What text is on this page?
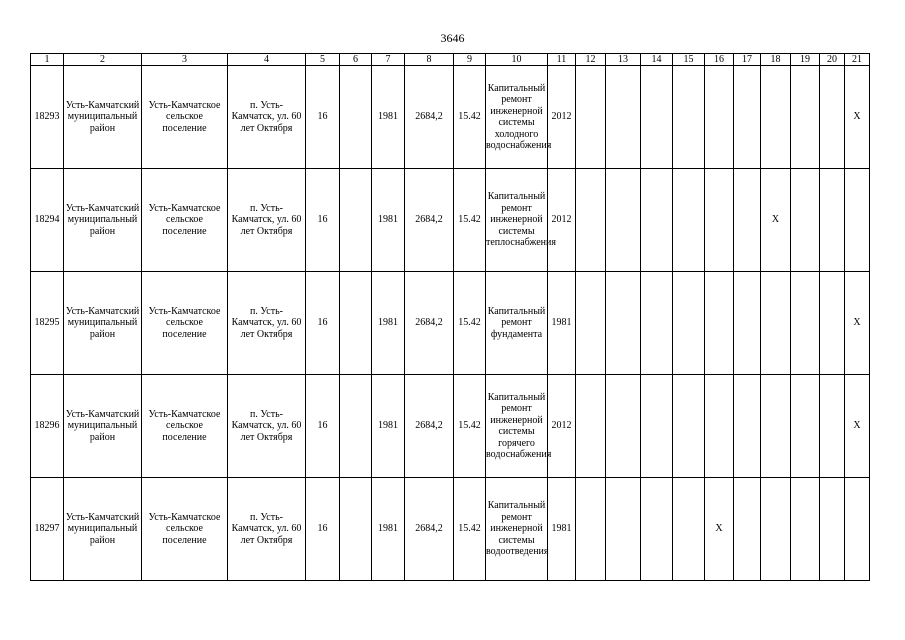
3646
1	2	3	4	5	6	7	8	9	10	11	12	13	14	15	16	17	18	19	20	21

18293	Усть-Камчатский муниципальный район	Усть-Камчатское сельское поселение	п. Усть-Камчатск, ул. 60 лет Октября	16		1981	2684,2	15.42	Капитальный ремонт инженерной системы холодного водоснабжения	2012										X

18294	Усть-Камчатский муниципальный район	Усть-Камчатское сельское поселение	п. Усть-Камчатск, ул. 60 лет Октября	16		1981	2684,2	15.42	Капитальный ремонт инженерной системы теплоснабжения	2012							X			

18295	Усть-Камчатский муниципальный район	Усть-Камчатское сельское поселение	п. Усть-Камчатск, ул. 60 лет Октября	16		1981	2684,2	15.42	Капитальный ремонт фундамента	1981										X

18296	Усть-Камчатский муниципальный район	Усть-Камчатское сельское поселение	п. Усть-Камчатск, ул. 60 лет Октября	16		1981	2684,2	15.42	Капитальный ремонт инженерной системы горячего водоснабжения	2012										X

18297	Усть-Камчатский муниципальный район	Усть-Камчатское сельское поселение	п. Усть-Камчатск, ул. 60 лет Октября	16		1981	2684,2	15.42	Капитальный ремонт инженерной системы водоотведения	1981					X					
